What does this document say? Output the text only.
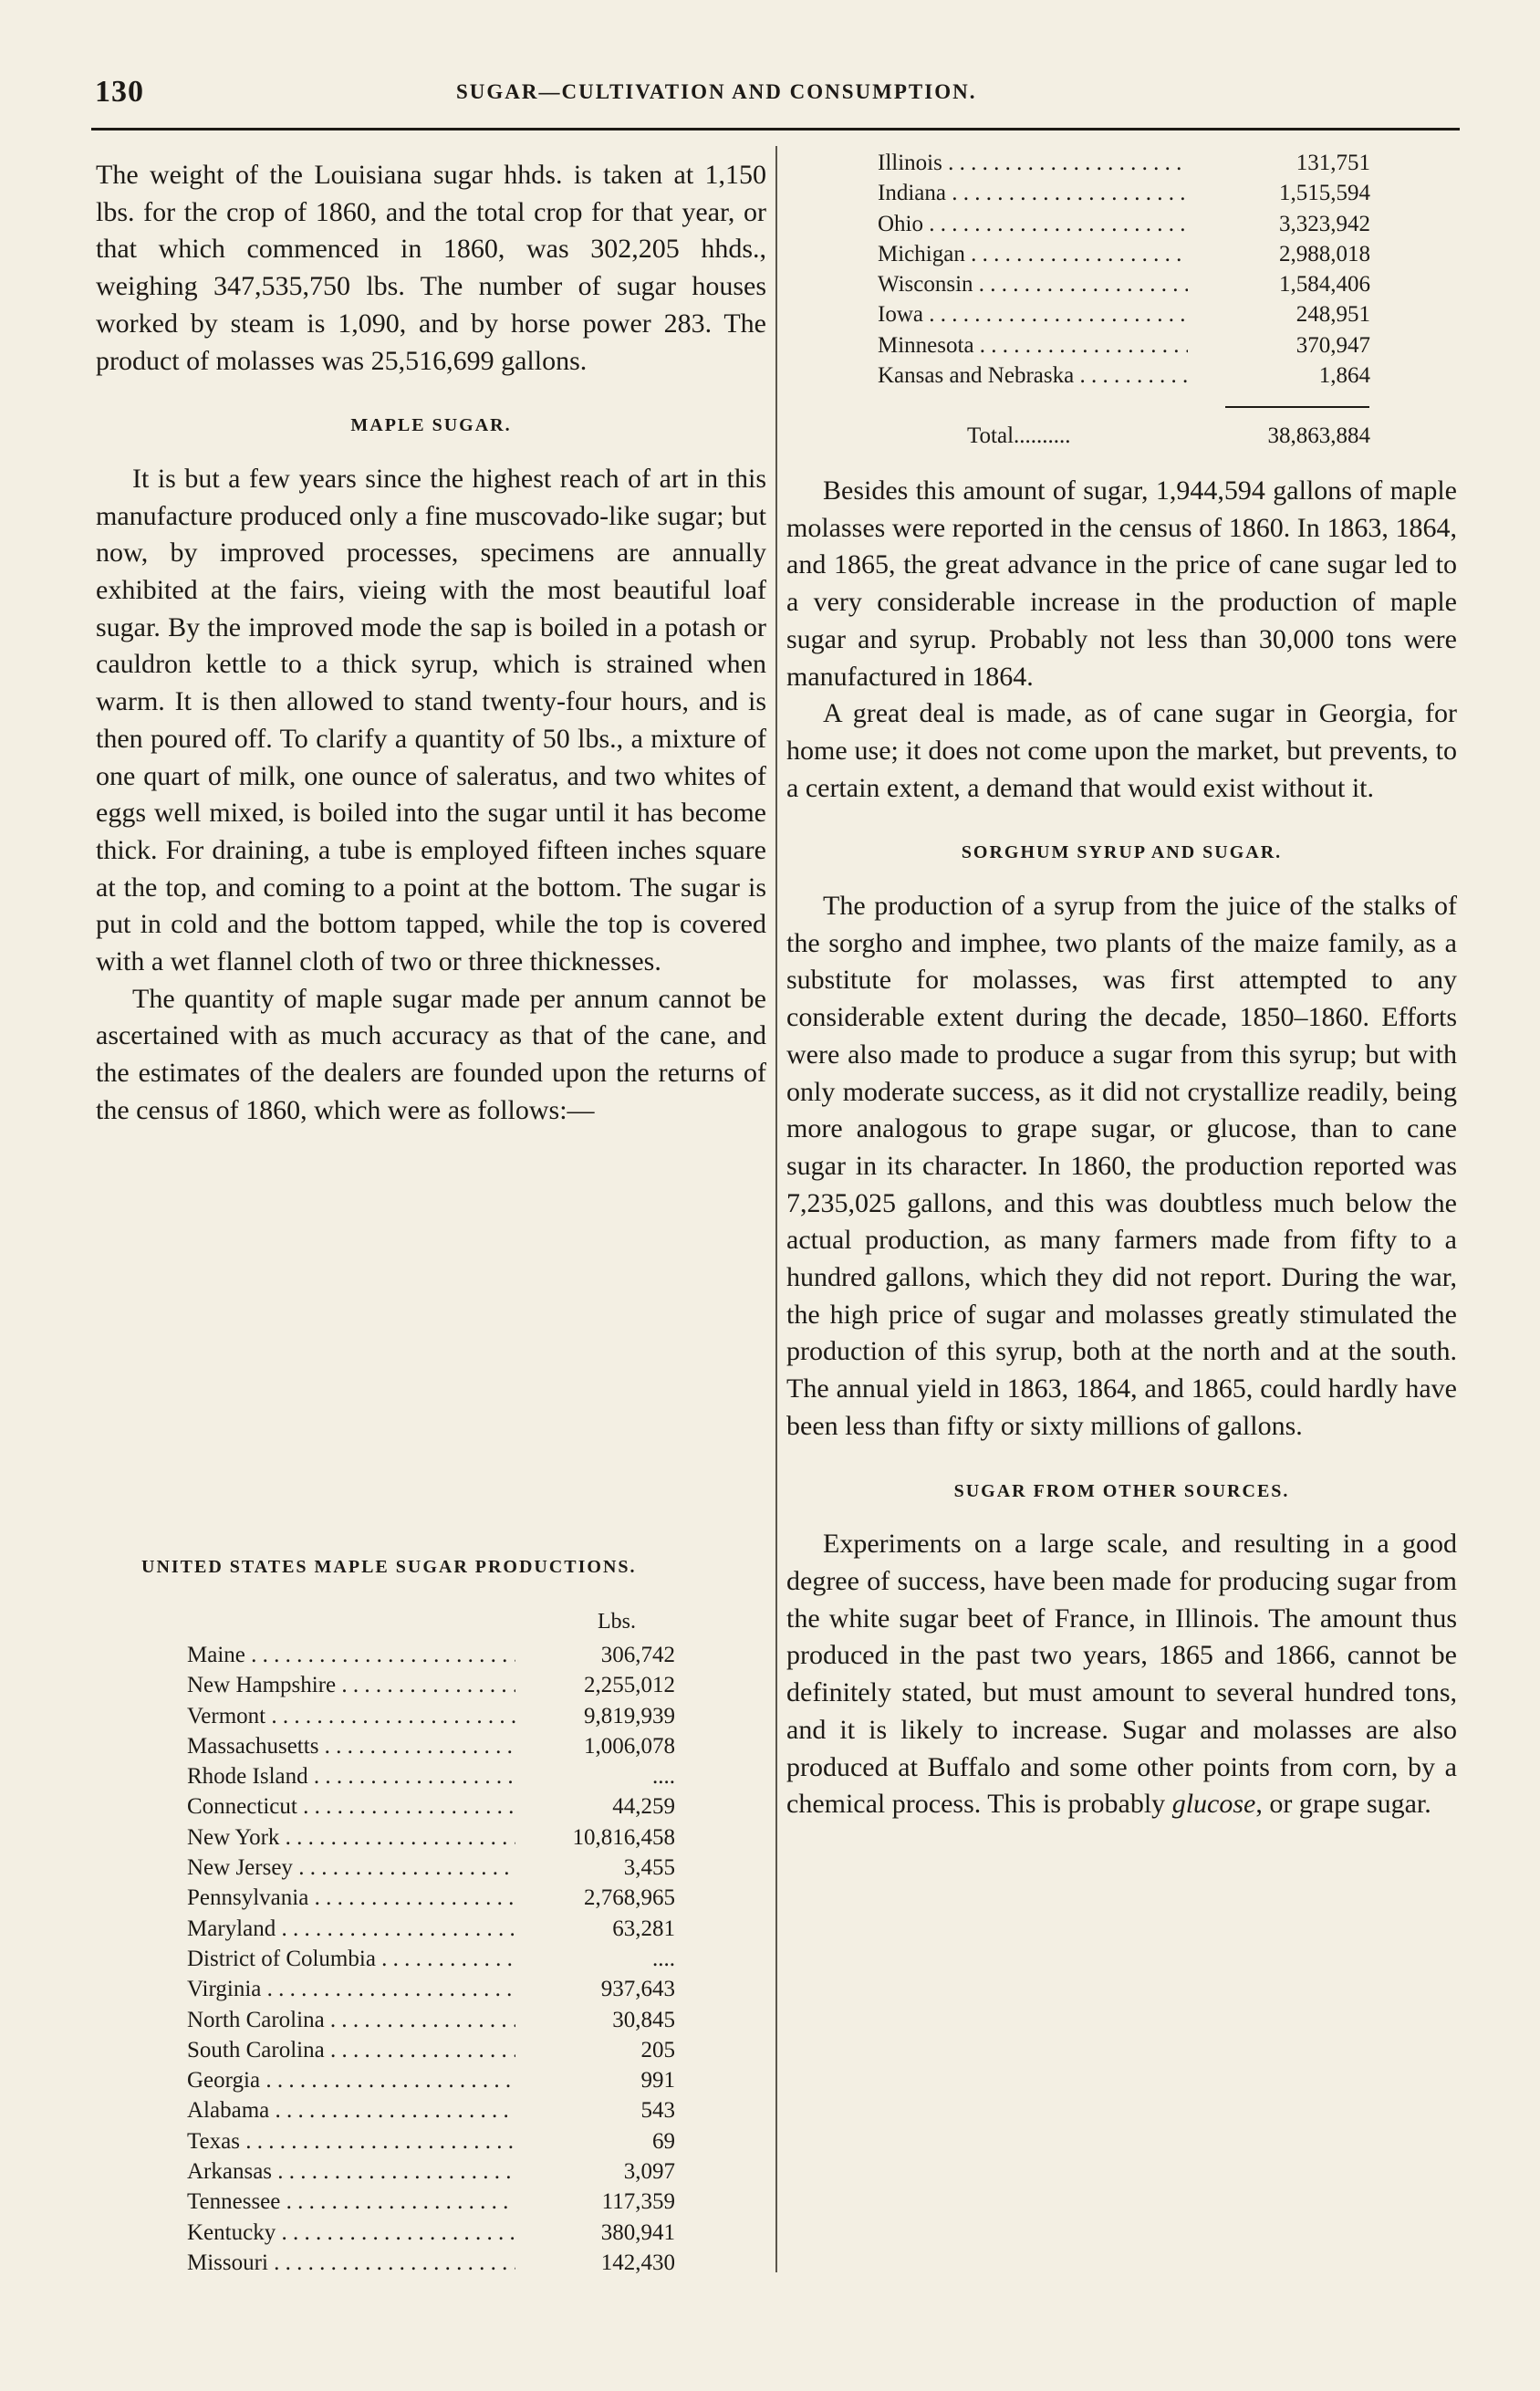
130	SUGAR—CULTIVATION AND CONSUMPTION.

The weight of the Louisiana sugar hhds. is taken at 1,150 lbs. for the crop of 1860, and the total crop for that year, or that which commenced in 1860, was 302,205 hhds., weighing 347,535,750 lbs. The number of sugar houses worked by steam is 1,090, and by horse power 283. The product of molasses was 25,516,699 gallons.

MAPLE SUGAR.

It is but a few years since the highest reach of art in this manufacture produced only a fine muscovado-like sugar; but now, by improved processes, specimens are annually exhibited at the fairs, vieing with the most beautiful loaf sugar. By the improved mode the sap is boiled in a potash or cauldron kettle to a thick syrup, which is strained when warm. It is then allowed to stand twenty-four hours, and is then poured off. To clarify a quantity of 50 lbs., a mixture of one quart of milk, one ounce of saleratus, and two whites of eggs well mixed, is boiled into the sugar until it has become thick. For draining, a tube is employed fifteen inches square at the top, and coming to a point at the bottom. The sugar is put in cold and the bottom tapped, while the top is covered with a wet flannel cloth of two or three thicknesses.

The quantity of maple sugar made per annum cannot be ascertained with as much accuracy as that of the cane, and the estimates of the dealers are founded upon the returns of the census of 1860, which were as follows:—

UNITED STATES MAPLE SUGAR PRODUCTIONS.
Lbs.
Maine . . .	306,742
New Hampshire . . .	2,255,012
Vermont . . .	9,819,939
Massachusetts . . .	1,006,078
Rhode Island . . .	....
Connecticut . . .	44,259
New York . . .	10,816,458
New Jersey . . .	3,455
Pennsylvania . . .	2,768,965
Maryland . . .	63,281
District of Columbia . . .	....
Virginia . . .	937,643
North Carolina . . .	30,845
South Carolina . . .	205
Georgia . . .	991
Alabama . . .	543
Texas . . .	69
Arkansas . . .	3,097
Tennessee . . .	117,359
Kentucky . . .	380,941
Missouri . . .	142,430
Illinois . . .	131,751
Indiana . . .	1,515,594
Ohio . . .	3,323,942
Michigan . . .	2,988,018
Wisconsin . . .	1,584,406
Iowa . . .	248,951
Minnesota . . .	370,947
Kansas and Nebraska . . .	1,864
Total..........	38,863,884

Besides this amount of sugar, 1,944,594 gallons of maple molasses were reported in the census of 1860. In 1863, 1864, and 1865, the great advance in the price of cane sugar led to a very considerable increase in the production of maple sugar and syrup. Probably not less than 30,000 tons were manufactured in 1864.

A great deal is made, as of cane sugar in Georgia, for home use; it does not come upon the market, but prevents, to a certain extent, a demand that would exist without it.

SORGHUM SYRUP AND SUGAR.

The production of a syrup from the juice of the stalks of the sorgho and imphee, two plants of the maize family, as a substitute for molasses, was first attempted to any considerable extent during the decade, 1850–1860. Efforts were also made to produce a sugar from this syrup; but with only moderate success, as it did not crystallize readily, being more analogous to grape sugar, or glucose, than to cane sugar in its character. In 1860, the production reported was 7,235,025 gallons, and this was doubtless much below the actual production, as many farmers made from fifty to a hundred gallons, which they did not report. During the war, the high price of sugar and molasses greatly stimulated the production of this syrup, both at the north and at the south. The annual yield in 1863, 1864, and 1865, could hardly have been less than fifty or sixty millions of gallons.

SUGAR FROM OTHER SOURCES.

Experiments on a large scale, and resulting in a good degree of success, have been made for producing sugar from the white sugar beet of France, in Illinois. The amount thus produced in the past two years, 1865 and 1866, cannot be definitely stated, but must amount to several hundred tons, and it is likely to increase. Sugar and molasses are also produced at Buffalo and some other points from corn, by a chemical process. This is probably glucose, or grape sugar.
